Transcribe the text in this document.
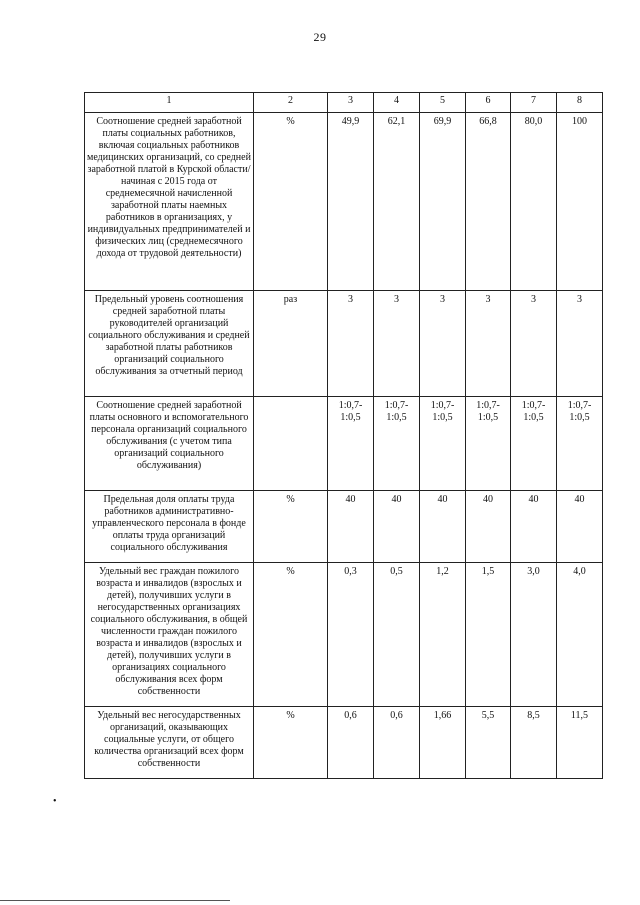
29
1	2	3	4	5	6	7	8
Соотношение средней заработной платы социальных работников, включая социальных работников медицинских организаций, со средней заработной платой в Курской области/ начиная с 2015 года от среднемесячной начисленной заработной платы наемных работников в организациях, у индивидуальных предпринимателей и физических лиц (среднемесячного дохода от трудовой деятельности)	%	49,9	62,1	69,9	66,8	80,0	100
Предельный уровень соотношения средней заработной платы руководителей организаций социального обслуживания и средней заработной платы работников организаций социального обслуживания за отчетный период	раз	3	3	3	3	3	3
Соотношение средней заработной платы основного и вспомогательного персонала организаций социального обслуживания (с учетом типа организаций социального обслуживания)		1:0,7-1:0,5	1:0,7-1:0,5	1:0,7-1:0,5	1:0,7-1:0,5	1:0,7-1:0,5	1:0,7-1:0,5
Предельная доля оплаты труда работников административно-управленческого персонала в фонде оплаты труда организаций социального обслуживания	%	40	40	40	40	40	40
Удельный вес граждан пожилого возраста и инвалидов (взрослых и детей), получивших услуги в негосударственных организациях социального обслуживания, в общей численности граждан пожилого возраста и инвалидов (взрослых и детей), получивших услуги в организациях социального обслуживания всех форм собственности	%	0,3	0,5	1,2	1,5	3,0	4,0
Удельный вес негосударственных организаций, оказывающих социальные услуги, от общего количества организаций всех форм собственности	%	0,6	0,6	1,66	5,5	8,5	11,5
•
